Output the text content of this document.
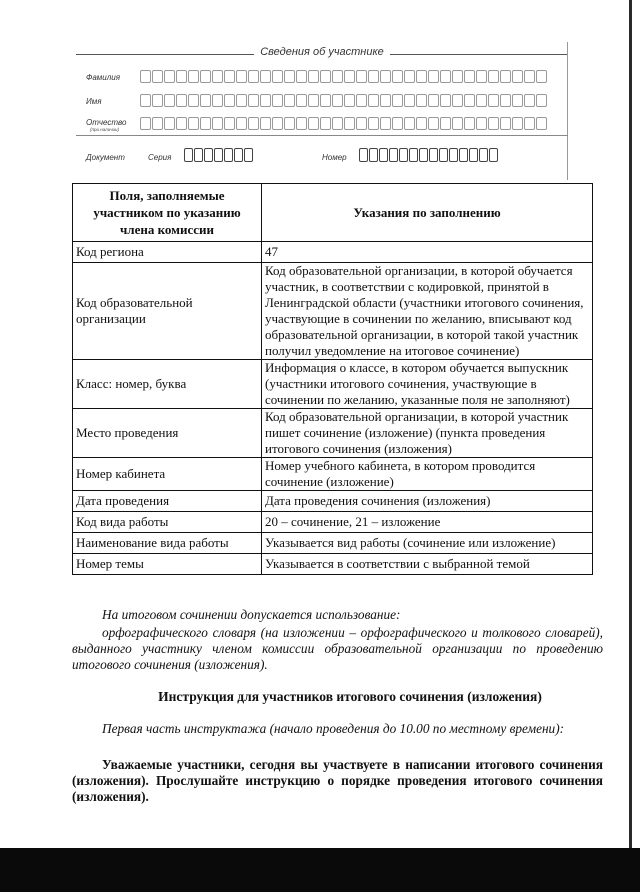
Сведения об участнике
Фамилия
Имя
Отчество
(при наличии)
Документ	Серия	Номер
Поля, заполняемые участником по указанию члена комиссии	Указания по заполнению
Код региона	47
Код образовательной организации	Код образовательной организации, в которой обучается участник, в соответствии с кодировкой, принятой в Ленинградской области (участники итогового сочинения, участвующие в сочинении по желанию, вписывают код образовательной организации, в которой такой участник получил уведомление на итоговое сочинение)
Класс: номер, буква	Информация о классе, в котором обучается выпускник (участники итогового сочинения, участвующие в сочинении по желанию, указанные поля не заполняют)
Место проведения	Код образовательной организации, в которой участник пишет сочинение (изложение) (пункта проведения итогового сочинения (изложения)
Номер кабинета	Номер учебного кабинета, в котором проводится сочинение (изложение)
Дата проведения	Дата проведения сочинения (изложения)
Код вида работы	20 – сочинение, 21 – изложение
Наименование вида работы	Указывается вид работы (сочинение или изложение)
Номер темы	Указывается в соответствии с выбранной темой

На итоговом сочинении допускается использование:

орфографического словаря (на изложении – орфографического и толкового словарей), выданного участнику членом комиссии образовательной организации по проведению итогового сочинения (изложения).

Инструкция для участников итогового сочинения (изложения)

Первая часть инструктажа (начало проведения до 10.00 по местному времени):

Уважаемые участники, сегодня вы участвуете в написании итогового сочинения (изложения). Прослушайте инструкцию о порядке проведения итогового сочинения (изложения).
